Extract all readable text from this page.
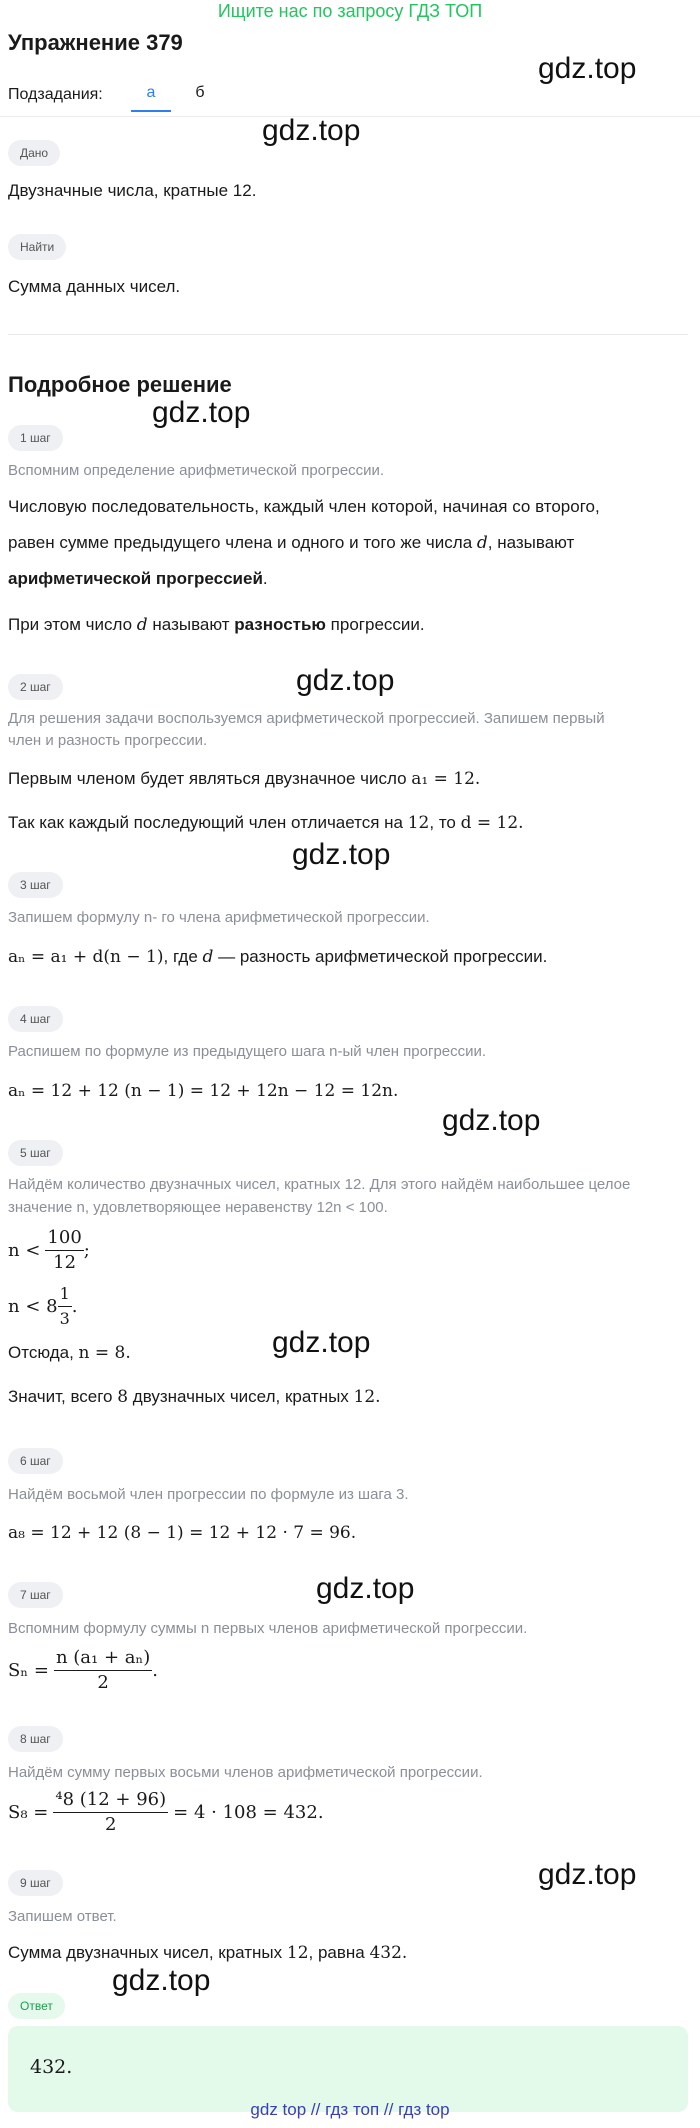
Ищите нас по запросу ГДЗ ТОП
Упражнение 379
gdz.top
Подзадания:	а	б
gdz.top
Дано
Двузначные числа, кратные 12.
Найти
Сумма данных чисел.
Подробное решение
gdz.top
1 шаг
Вспомним определение арифметической прогрессии.
Числовую последовательность, каждый член которой, начиная со второго,
равен сумме предыдущего члена и одного и того же числа d, называют
арифметической прогрессией.
При этом число d называют разностью прогрессии.
gdz.top
2 шаг
Для решения задачи воспользуемся арифметической прогрессией. Запишем первый
член и разность прогрессии.
Первым членом будет являться двузначное число a₁ = 12.
Так как каждый последующий член отличается на 12, то d = 12.
gdz.top
3 шаг
Запишем формулу n- го члена арифметической прогрессии.
aₙ = a₁ + d(n − 1), где d — разность арифметической прогрессии.
4 шаг
Распишем по формуле из предыдущего шага n-ый член прогрессии.
aₙ = 12 + 12 (n − 1) = 12 + 12n − 12 = 12n.
gdz.top
5 шаг
Найдём количество двузначных чисел, кратных 12. Для этого найдём наибольшее целое
значение n, удовлетворяющее неравенству 12n < 100.
$n < \frac{100}{12}$ ;
$n < 8 \frac{1}{3}$ .
Отсюда, n = 8.	gdz.top
Значит, всего 8 двузначных чисел, кратных 12.
6 шаг
Найдём восьмой член прогрессии по формуле из шага 3.
a₈ = 12 + 12 (8 − 1) = 12 + 12 · 7 = 96.
gdz.top
7 шаг
Вспомним формулу суммы n первых членов арифметической прогрессии.
$S_n = \frac{\text{n (a₁ + aₙ)}}{2}$ .
8 шаг
Найдём сумму первых восьми членов арифметической прогрессии.
$S_8 = \frac{\text{⁴8 (12 + 96)}}{2} = 4 \cdot 108 = 432$.
gdz.top
9 шаг
Запишем ответ.
Сумма двузначных чисел, кратных 12, равна 432.
gdz.top
Ответ
432.
gdz top // гдз топ // гдз top
